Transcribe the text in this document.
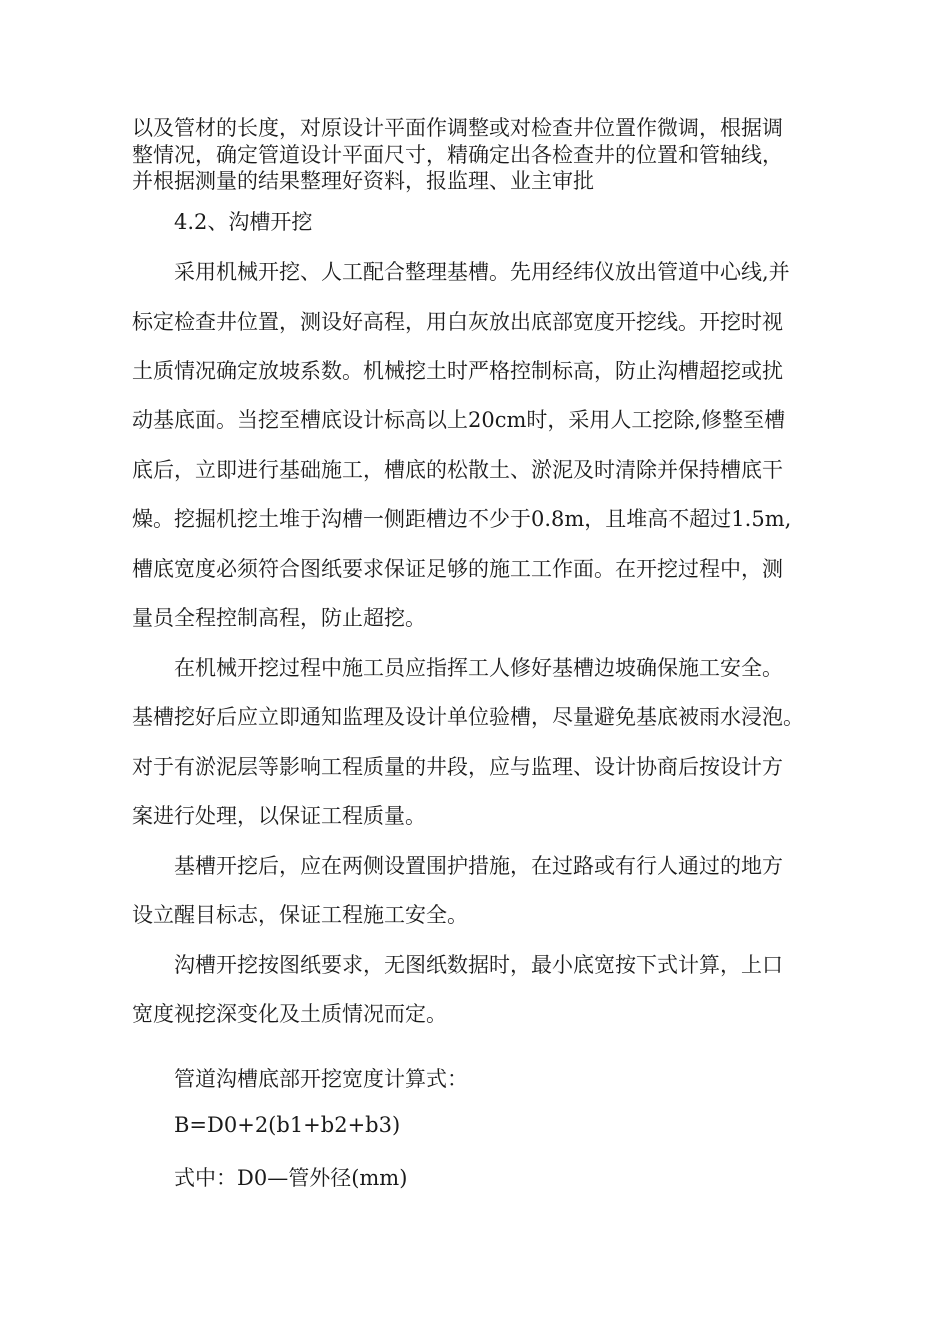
以及管材的长度，对原设计平面作调整或对检查井位置作微调，根据调
整情况，确定管道设计平面尺寸，精确定出各检查井的位置和管轴线，
并根据测量的结果整理好资料，报监理、业主审批
4.2、沟槽开挖
采用机械开挖、人工配合整理基槽。先用经纬仪放出管道中心线,并
标定检查井位置，测设好高程，用白灰放出底部宽度开挖线。开挖时视
土质情况确定放坡系数。机械挖土时严格控制标高，防止沟槽超挖或扰
动基底面。当挖至槽底设计标高以上20cm时，采用人工挖除,修整至槽
底后，立即进行基础施工，槽底的松散土、淤泥及时清除并保持槽底干
燥。挖掘机挖土堆于沟槽一侧距槽边不少于0.8m，且堆高不超过1.5m,
槽底宽度必须符合图纸要求保证足够的施工工作面。在开挖过程中，测
量员全程控制高程，防止超挖。
在机械开挖过程中施工员应指挥工人修好基槽边坡确保施工安全。
基槽挖好后应立即通知监理及设计单位验槽，尽量避免基底被雨水浸泡。
对于有淤泥层等影响工程质量的井段，应与监理、设计协商后按设计方
案进行处理，以保证工程质量。
基槽开挖后，应在两侧设置围护措施，在过路或有行人通过的地方
设立醒目标志，保证工程施工安全。
沟槽开挖按图纸要求，无图纸数据时，最小底宽按下式计算，上口
宽度视挖深变化及土质情况而定。
管道沟槽底部开挖宽度计算式：
B=D0+2(b1+b2+b3)
式中：D0—管外径(mm)
